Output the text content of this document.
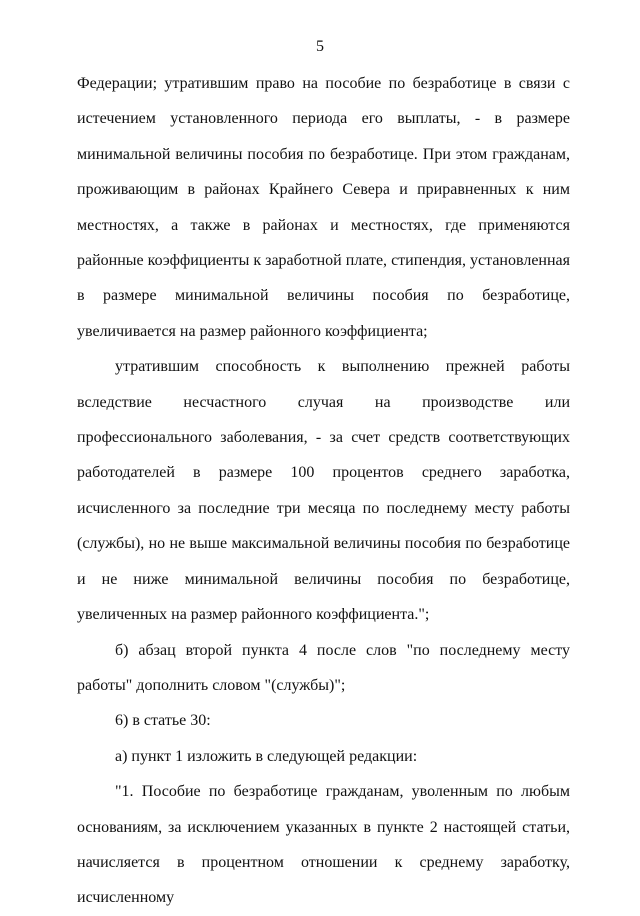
5

Федерации; утратившим право на пособие по безработице в связи с истечением установленного периода его выплаты, - в размере минимальной величины пособия по безработице. При этом гражданам, проживающим в районах Крайнего Севера и приравненных к ним местностях, а также в районах и местностях, где применяются районные коэффициенты к заработной плате, стипендия, установленная в размере минимальной величины пособия по безработице, увеличивается на размер районного коэффициента;

утратившим способность к выполнению прежней работы вследствие несчастного случая на производстве или профессионального заболевания, - за счет средств соответствующих работодателей в размере 100 процентов среднего заработка, исчисленного за последние три месяца по последнему месту работы (службы), но не выше максимальной величины пособия по безработице и не ниже минимальной величины пособия по безработице, увеличенных на размер районного коэффициента.";

б) абзац второй пункта 4 после слов "по последнему месту работы" дополнить словом "(службы)";

6) в статье 30:

а) пункт 1 изложить в следующей редакции:

"1. Пособие по безработице гражданам, уволенным по любым основаниям, за исключением указанных в пункте 2 настоящей статьи, начисляется в процентном отношении к среднему заработку, исчисленному
